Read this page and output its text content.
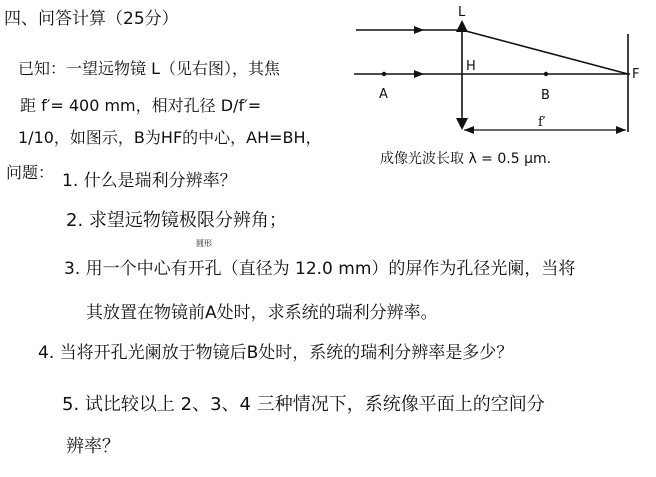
四、问答计算（25分）
已知：一望远物镜 L（见右图），其焦
距 f′= 400 mm，相对孔径 D/f′=
1/10，如图示，B为HF的中心，AH=BH，
成像光波长取 λ = 0.5 μm.
问题： 1. 什么是瑞利分辨率？
2. 求望远物镜极限分辨角；
圆形
3. 用一个中心有开孔（直径为 12.0 mm）的屏作为孔径光阑，当将
其放置在物镜前A处时，求系统的瑞利分辨率。
4. 当将开孔光阑放于物镜后B处时，系统的瑞利分辨率是多少？
5. 试比较以上 2、3、4 三种情况下，系统像平面上的空间分
辨率？
L
H
A	B
F
f′
